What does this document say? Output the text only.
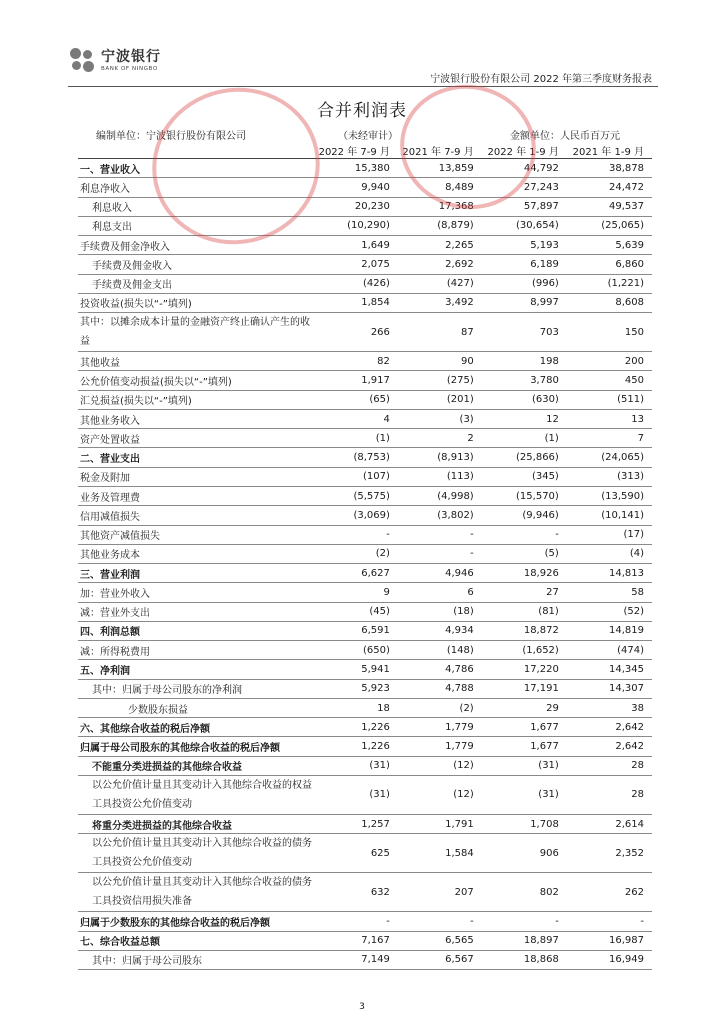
宁波银行
BANK OF NINGBO
宁波银行股份有限公司 2022 年第三季度财务报表
合并利润表
编制单位：宁波银行股份有限公司	（未经审计）	金额单位：人民币百万元
	2022 年 7-9 月	2021 年 7-9 月	2022 年 1-9 月	2021 年 1-9 月
一、营业收入	15,380	13,859	44,792	38,878
利息净收入	9,940	8,489	27,243	24,472
利息收入	20,230	17,368	57,897	49,537
利息支出	(10,290)	(8,879)	(30,654)	(25,065)
手续费及佣金净收入	1,649	2,265	5,193	5,639
手续费及佣金收入	2,075	2,692	6,189	6,860
手续费及佣金支出	(426)	(427)	(996)	(1,221)
投资收益(损失以“-”填列)	1,854	3,492	8,997	8,608
其中：以摊余成本计量的金融资产终止确认产生的收益	266	87	703	150
其他收益	82	90	198	200
公允价值变动损益(损失以“-”填列)	1,917	(275)	3,780	450
汇兑损益(损失以“-”填列)	(65)	(201)	(630)	(511)
其他业务收入	4	(3)	12	13
资产处置收益	(1)	2	(1)	7
二、营业支出	(8,753)	(8,913)	(25,866)	(24,065)
税金及附加	(107)	(113)	(345)	(313)
业务及管理费	(5,575)	(4,998)	(15,570)	(13,590)
信用减值损失	(3,069)	(3,802)	(9,946)	(10,141)
其他资产减值损失	-	-	-	(17)
其他业务成本	(2)	-	(5)	(4)
三、营业利润	6,627	4,946	18,926	14,813
加：营业外收入	9	6	27	58
减：营业外支出	(45)	(18)	(81)	(52)
四、利润总额	6,591	4,934	18,872	14,819
减：所得税费用	(650)	(148)	(1,652)	(474)
五、净利润	5,941	4,786	17,220	14,345
其中：归属于母公司股东的净利润	5,923	4,788	17,191	14,307
少数股东损益	18	(2)	29	38
六、其他综合收益的税后净额	1,226	1,779	1,677	2,642
归属于母公司股东的其他综合收益的税后净额	1,226	1,779	1,677	2,642
不能重分类进损益的其他综合收益	(31)	(12)	(31)	28
以公允价值计量且其变动计入其他综合收益的权益工具投资公允价值变动	(31)	(12)	(31)	28
将重分类进损益的其他综合收益	1,257	1,791	1,708	2,614
以公允价值计量且其变动计入其他综合收益的债务工具投资公允价值变动	625	1,584	906	2,352
以公允价值计量且其变动计入其他综合收益的债务工具投资信用损失准备	632	207	802	262
归属于少数股东的其他综合收益的税后净额	-	-	-	-
七、综合收益总额	7,167	6,565	18,897	16,987
其中：归属于母公司股东	7,149	6,567	18,868	16,949
3
